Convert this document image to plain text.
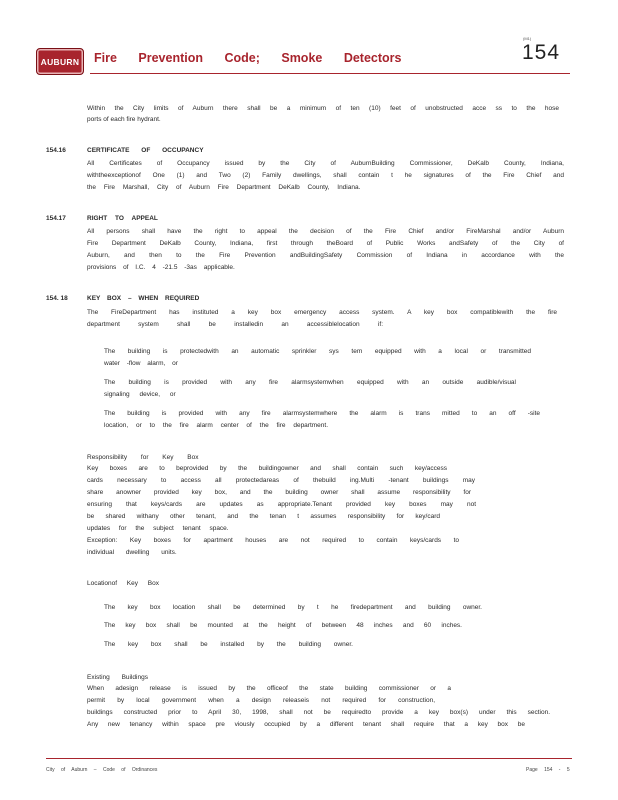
AUBURN Fire Prevention Code; Smoke Detectors
(M1)
154
Within the City limits of Auburn there shall be a minimum of ten (10) feet of unobstructed acce ss to the hose
ports of each fire hydrant.
154.16	CERTIFICATE OF OCCUPANCY
All Certificates of Occupancy issued by the City of AuburnBuilding Commissioner, DeKalb County, Indiana,
withtheexceptionof One (1) and Two (2) Family dwellings, shall contain t he signatures of the Fire Chief and
the Fire Marshall, City of Auburn Fire Department DeKalb County, Indiana.
154.17	RIGHT TO APPEAL
All persons shall have the right to appeal the decision of the Fire Chief and/or FireMarshal and/or Auburn
Fire Department DeKalb County, Indiana, first through theBoard of Public Works andSafety of the City of
Auburn, and then to the Fire Prevention andBuildingSafety Commission of Indiana in accordance with the
provisions of I.C. 4 -21.5 -3as applicable.
154. 18	KEY BOX – WHEN REQUIRED
The FireDepartment has instituted a key box emergency access system. A key box compatiblewith the fire
department system shall be installedin an accessiblelocation if:
The building is protectedwith an automatic sprinkler sys tem equipped with a local or transmitted
water -flow alarm, or
The building is provided with any fire alarmsystemwhen equipped with an outside audible/visual
signaling device, or
The building is provided with any fire alarmsystemwhere the alarm is trans mitted to an off -site
location, or to the fire alarm center of the fire department.
Responsibility for Key Box
Key boxes are to beprovided by the buildingowner and shall contain such key/access
cards necessary to access all protectedareas of thebuild ing.Multi -tenant buildings may
share anowner provided key box, and the building owner shall assume responsibility for
ensuring that keys/cards are updates as appropriate.Tenant provided key boxes may not
be shared withany other tenant, and the tenan t assumes responsibility for key/card
updates for the subject tenant space.
Exception: Key boxes for apartment houses are not required to contain keys/cards to
individual dwelling units.
Locationof Key Box
The key box location shall be determined by t he firedepartment and building owner.
The key box shall be mounted at the height of between 48 inches and 60 inches.
The key box shall be installed by the building owner.
Existing Buildings
When adesign release is issued by the officeof the state building commissioner or a
permit by local government when a design releaseis not required for construction,
buildings constructed prior to April 30, 1998, shall not be requiredto provide a key box(s) under this section.
Any new tenancy within space pre viously occupied by a different tenant shall require that a key box be
City of Auburn – Code of Ordinances	Page 154 - 5
